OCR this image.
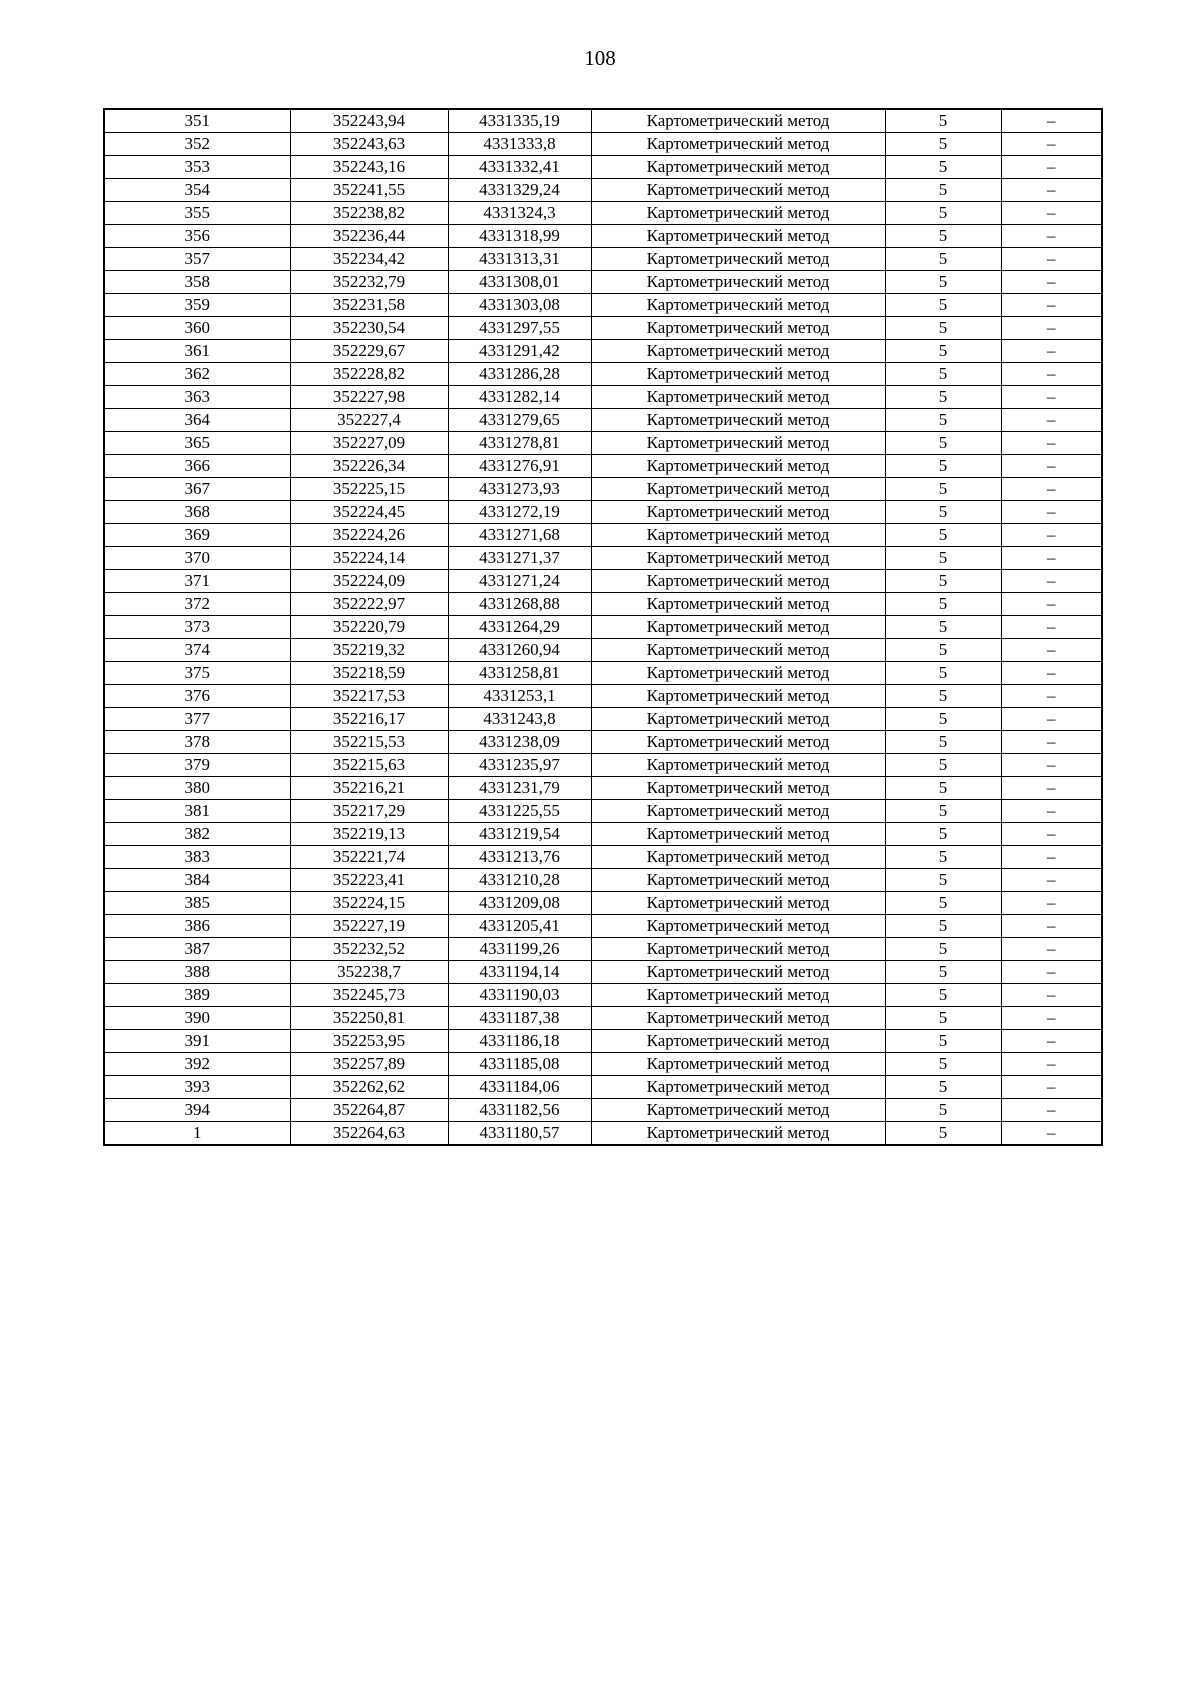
108
351	352243,94	4331335,19	Картометрический метод	5	–
352	352243,63	4331333,8	Картометрический метод	5	–
353	352243,16	4331332,41	Картометрический метод	5	–
354	352241,55	4331329,24	Картометрический метод	5	–
355	352238,82	4331324,3	Картометрический метод	5	–
356	352236,44	4331318,99	Картометрический метод	5	–
357	352234,42	4331313,31	Картометрический метод	5	–
358	352232,79	4331308,01	Картометрический метод	5	–
359	352231,58	4331303,08	Картометрический метод	5	–
360	352230,54	4331297,55	Картометрический метод	5	–
361	352229,67	4331291,42	Картометрический метод	5	–
362	352228,82	4331286,28	Картометрический метод	5	–
363	352227,98	4331282,14	Картометрический метод	5	–
364	352227,4	4331279,65	Картометрический метод	5	–
365	352227,09	4331278,81	Картометрический метод	5	–
366	352226,34	4331276,91	Картометрический метод	5	–
367	352225,15	4331273,93	Картометрический метод	5	–
368	352224,45	4331272,19	Картометрический метод	5	–
369	352224,26	4331271,68	Картометрический метод	5	–
370	352224,14	4331271,37	Картометрический метод	5	–
371	352224,09	4331271,24	Картометрический метод	5	–
372	352222,97	4331268,88	Картометрический метод	5	–
373	352220,79	4331264,29	Картометрический метод	5	–
374	352219,32	4331260,94	Картометрический метод	5	–
375	352218,59	4331258,81	Картометрический метод	5	–
376	352217,53	4331253,1	Картометрический метод	5	–
377	352216,17	4331243,8	Картометрический метод	5	–
378	352215,53	4331238,09	Картометрический метод	5	–
379	352215,63	4331235,97	Картометрический метод	5	–
380	352216,21	4331231,79	Картометрический метод	5	–
381	352217,29	4331225,55	Картометрический метод	5	–
382	352219,13	4331219,54	Картометрический метод	5	–
383	352221,74	4331213,76	Картометрический метод	5	–
384	352223,41	4331210,28	Картометрический метод	5	–
385	352224,15	4331209,08	Картометрический метод	5	–
386	352227,19	4331205,41	Картометрический метод	5	–
387	352232,52	4331199,26	Картометрический метод	5	–
388	352238,7	4331194,14	Картометрический метод	5	–
389	352245,73	4331190,03	Картометрический метод	5	–
390	352250,81	4331187,38	Картометрический метод	5	–
391	352253,95	4331186,18	Картометрический метод	5	–
392	352257,89	4331185,08	Картометрический метод	5	–
393	352262,62	4331184,06	Картометрический метод	5	–
394	352264,87	4331182,56	Картометрический метод	5	–
1	352264,63	4331180,57	Картометрический метод	5	–
